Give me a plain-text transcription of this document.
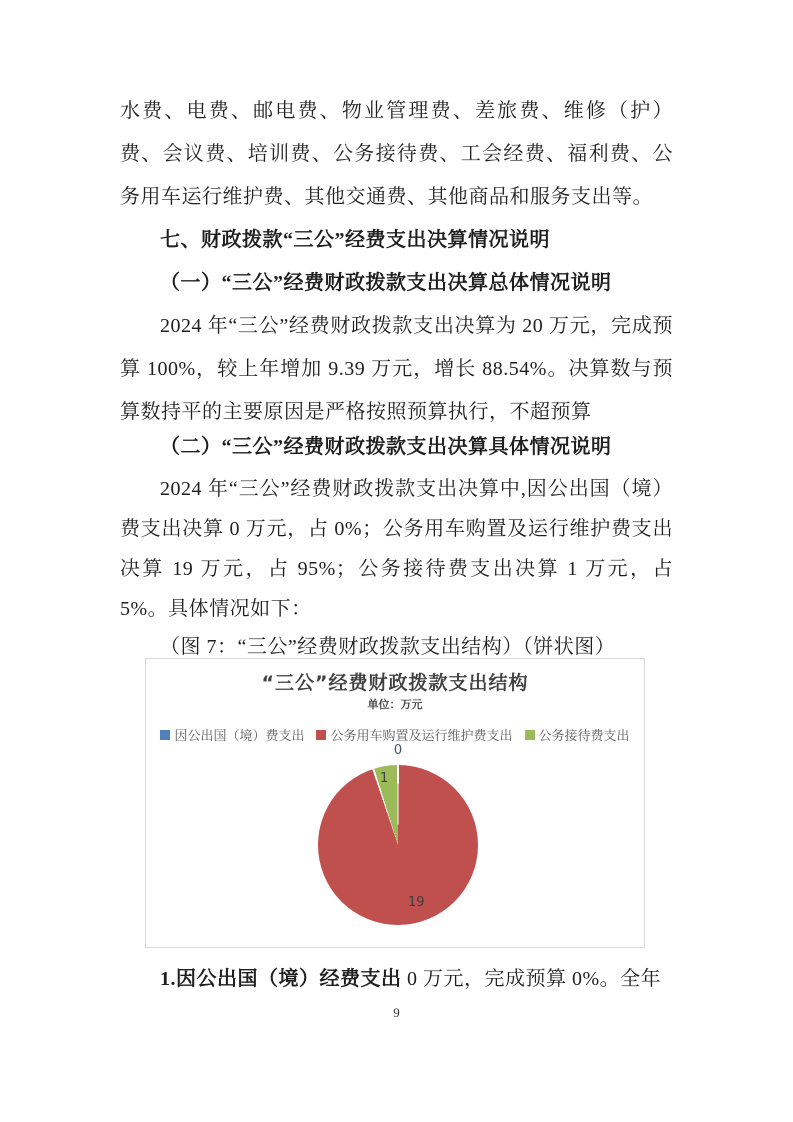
水费、电费、邮电费、物业管理费、差旅费、维修（护）费、会议费、培训费、公务接待费、工会经费、福利费、公务用车运行维护费、其他交通费、其他商品和服务支出等。

七、财政拨款“三公”经费支出决算情况说明

（一）“三公”经费财政拨款支出决算总体情况说明

2024 年“三公”经费财政拨款支出决算为 20 万元，完成预算 100%，较上年增加 9.39 万元，增长 88.54%。决算数与预算数持平的主要原因是严格按照预算执行，不超预算

（二）“三公”经费财政拨款支出决算具体情况说明

2024 年“三公”经费财政拨款支出决算中,因公出国（境）费支出决算 0 万元，占 0%；公务用车购置及运行维护费支出决算 19 万元，占 95%；公务接待费支出决算 1 万元，占 5%。具体情况如下：

（图 7：“三公”经费财政拨款支出结构）（饼状图）

“三公”经费财政拨款支出结构
单位：万元
因公出国（境）费支出 公务用车购置及运行维护费支出 公务接待费支出
0
1
19

1.因公出国（境）经费支出 0 万元，完成预算 0%。全年

9
